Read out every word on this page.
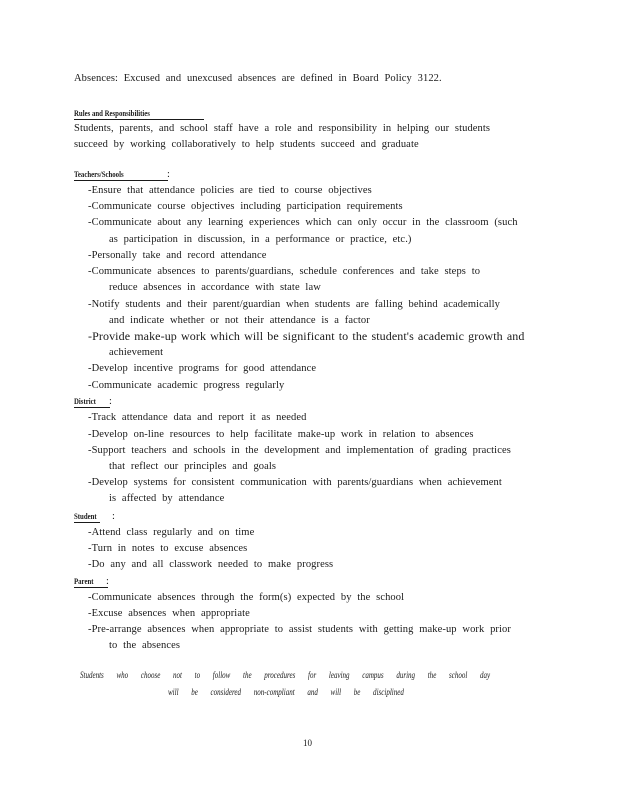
Absences: Excused and unexcused absences are defined in Board Policy 3122.
Rules and Responsibilities
Students, parents, and school staff have a role and responsibility in helping our students
succeed by working collaboratively to help students succeed and graduate
Teachers/Schools	:
-Ensure that attendance policies are tied to course objectives
-Communicate course objectives including participation requirements
-Communicate about any learning experiences which can only occur in the classroom (such
as participation in discussion, in a performance or practice, etc.)
-Personally take and record attendance
-Communicate absences to parents/guardians, schedule conferences and take steps to
reduce absences in accordance with state law
-Notify students and their parent/guardian when students are falling behind academically
and indicate whether or not their attendance is a factor
-Provide make-up work which will be significant to the student's academic growth and
achievement
-Develop incentive programs for good attendance
-Communicate academic progress regularly
District :
-Track attendance data and report it as needed
-Develop on-line resources to help facilitate make-up work in relation to absences
-Support teachers and schools in the development and implementation of grading practices
that reflect our principles and goals
-Develop systems for consistent communication with parents/guardians when achievement
is affected by attendance
Student :
-Attend class regularly and on time
-Turn in notes to excuse absences
-Do any and all classwork needed to make progress
Parent :
-Communicate absences through the form(s) expected by the school
-Excuse absences when appropriate
-Pre-arrange absences when appropriate to assist students with getting make-up work prior
to the absences
Students who choose not to follow the procedures for leaving campus during the school day
will be considered non-compliant and will be disciplined
10
